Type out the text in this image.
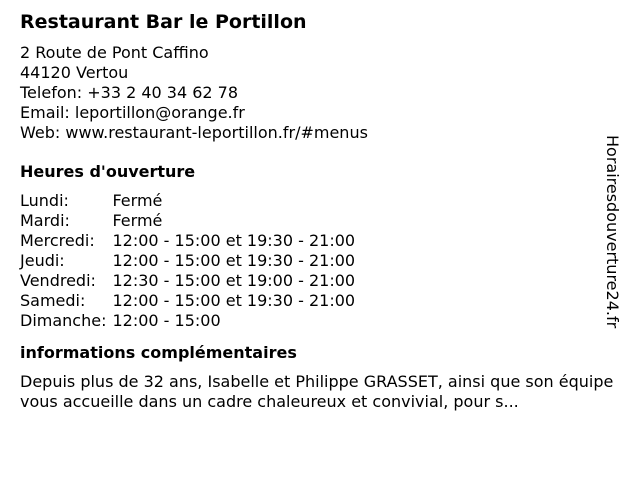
Restaurant Bar le Portillon
2 Route de Pont Caffino
44120 Vertou
Telefon: +33 2 40 34 62 78
Email: leportillon@orange.fr
Web: www.restaurant-leportillon.fr/#menus
Heures d'ouverture
Lundi:	Fermé
Mardi:	Fermé
Mercredi:	12:00 - 15:00 et 19:30 - 21:00
Jeudi:	12:00 - 15:00 et 19:30 - 21:00
Vendredi:	12:30 - 15:00 et 19:00 - 21:00
Samedi:	12:00 - 15:00 et 19:30 - 21:00
Dimanche:	12:00 - 15:00
informations complémentaires
Depuis plus de 32 ans, Isabelle et Philippe GRASSET, ainsi que son équipe vous accueille dans un cadre chaleureux et convivial, pour s...
Horairesdouverture24.fr
